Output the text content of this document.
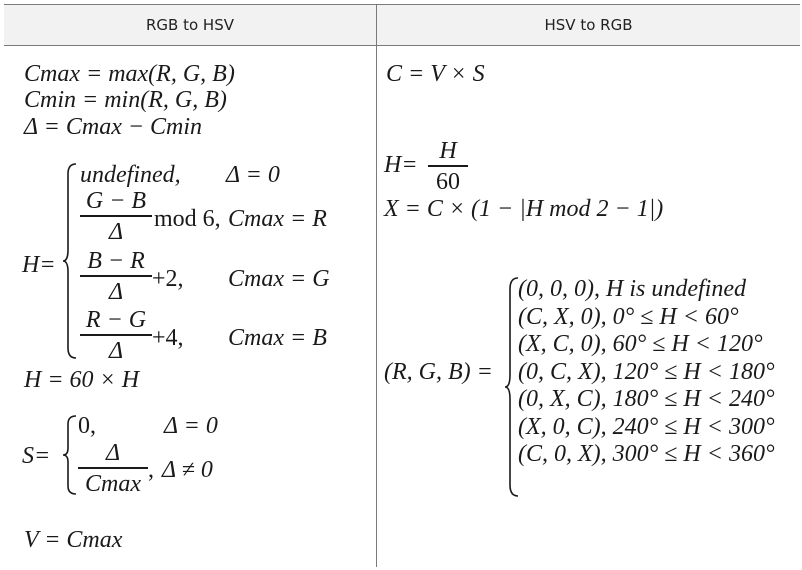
RGB to HSV	HSV to RGB
Cmax = max(R, G, B)
Cmin = min(R, G, B)
Δ = Cmax − Cmin
H=
undefined, Δ = 0
G − B
Δ	mod 6, Cmax = R
B − R
Δ	+2, Cmax = G
R − G
Δ	+4, Cmax = B
H = 60 × H
S=
0,	Δ = 0
Δ
Cmax
, Δ ≠ 0
V = Cmax
C = V × S
H=
H
60
X = C × (1 − |H mod 2 − 1|)
(R, G, B) =
(0, 0, 0), H is undefined
(C, X, 0), 0° ≤ H < 60°
(X, C, 0), 60° ≤ H < 120°
(0, C, X), 120° ≤ H < 180°
(0, X, C), 180° ≤ H < 240°
(X, 0, C), 240° ≤ H < 300°
(C, 0, X), 300° ≤ H < 360°
